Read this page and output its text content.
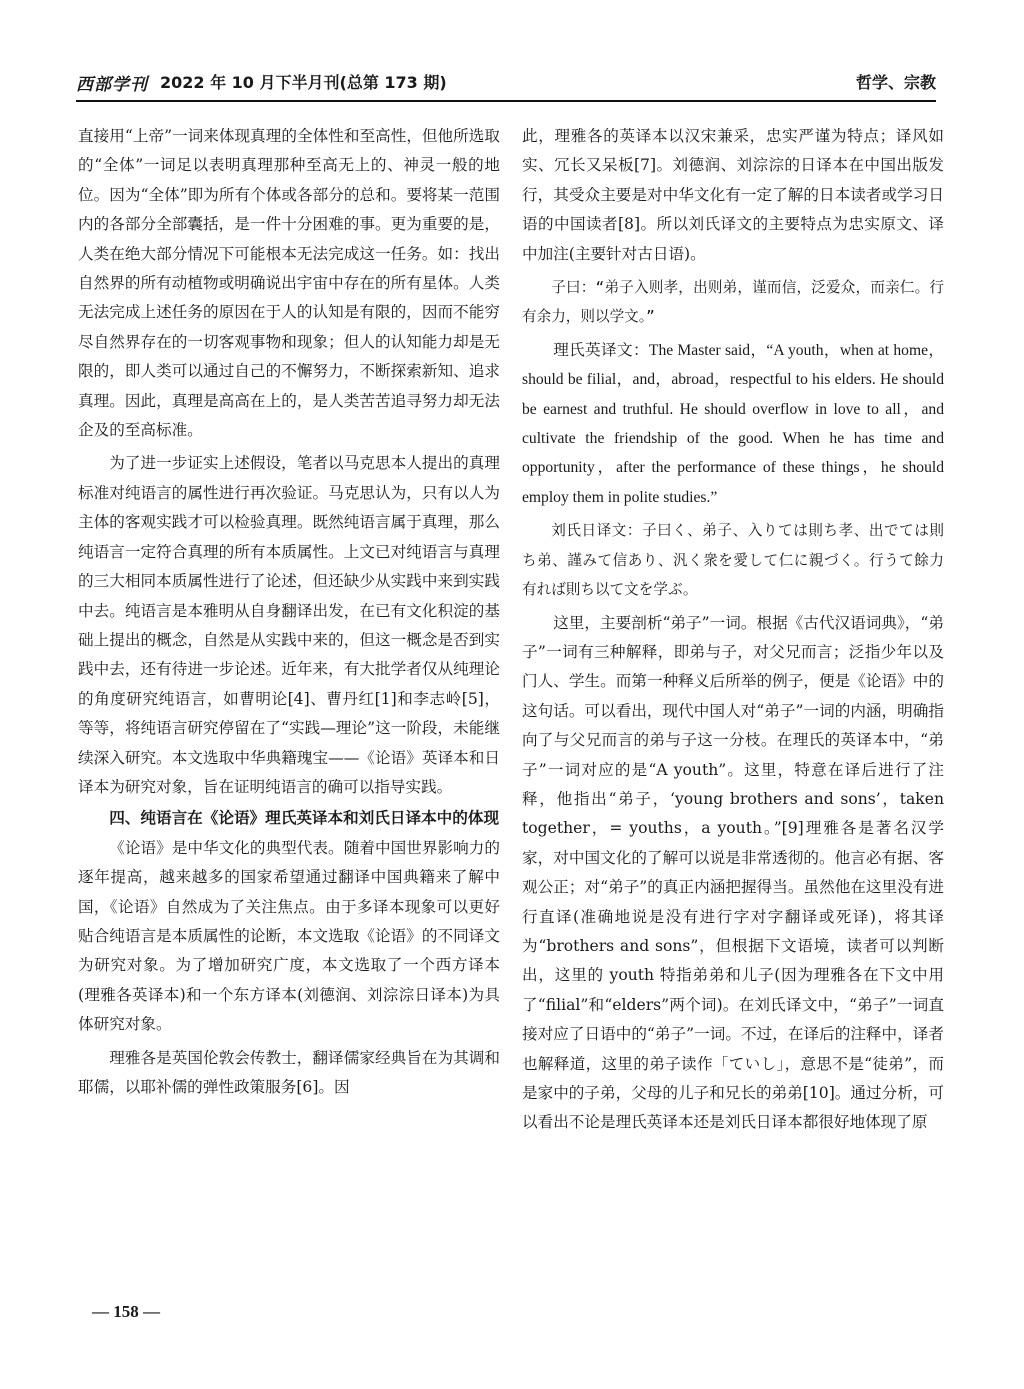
西部学刊 2022 年 10 月下半月刊(总第 173 期)	哲学、宗教

直接用“上帝”一词来体现真理的全体性和至高性，但他所选取的“全体”一词足以表明真理那种至高无上的、神灵一般的地位。因为“全体”即为所有个体或各部分的总和。要将某一范围内的各部分全部囊括，是一件十分困难的事。更为重要的是，人类在绝大部分情况下可能根本无法完成这一任务。如：找出自然界的所有动植物或明确说出宇宙中存在的所有星体。人类无法完成上述任务的原因在于人的认知是有限的，因而不能穷尽自然界存在的一切客观事物和现象；但人的认知能力却是无限的，即人类可以通过自己的不懈努力，不断探索新知、追求真理。因此，真理是高高在上的，是人类苦苦追寻努力却无法企及的至高标准。

为了进一步证实上述假设，笔者以马克思本人提出的真理标准对纯语言的属性进行再次验证。马克思认为，只有以人为主体的客观实践才可以检验真理。既然纯语言属于真理，那么纯语言一定符合真理的所有本质属性。上文已对纯语言与真理的三大相同本质属性进行了论述，但还缺少从实践中来到实践中去。纯语言是本雅明从自身翻译出发，在已有文化积淀的基础上提出的概念，自然是从实践中来的，但这一概念是否到实践中去，还有待进一步论述。近年来，有大批学者仅从纯理论的角度研究纯语言，如曹明论[4]、曹丹红[1]和李志岭[5]，等等，将纯语言研究停留在了“实践—理论”这一阶段，未能继续深入研究。本文选取中华典籍瑰宝——《论语》英译本和日译本为研究对象，旨在证明纯语言的确可以指导实践。

四、纯语言在《论语》理氏英译本和刘氏日译本中的体现

《论语》是中华文化的典型代表。随着中国世界影响力的逐年提高，越来越多的国家希望通过翻译中国典籍来了解中国，《论语》自然成为了关注焦点。由于多译本现象可以更好贴合纯语言是本质属性的论断，本文选取《论语》的不同译文为研究对象。为了增加研究广度，本文选取了一个西方译本(理雅各英译本)和一个东方译本(刘德润、刘淙淙日译本)为具体研究对象。

理雅各是英国伦敦会传教士，翻译儒家经典旨在为其调和耶儒，以耶补儒的弹性政策服务[6]。因

此，理雅各的英译本以汉宋兼采，忠实严谨为特点；译风如实、冗长又呆板[7]。刘德润、刘淙淙的日译本在中国出版发行，其受众主要是对中华文化有一定了解的日本读者或学习日语的中国读者[8]。所以刘氏译文的主要特点为忠实原文、译中加注(主要针对古日语)。

子曰：“弟子入则孝，出则弟，谨而信，泛爱众，而亲仁。行有余力，则以学文。”

理氏英译文：The Master said，“A youth，when at home，should be filial，and，abroad，respectful to his elders. He should be earnest and truthful. He should overflow in love to all，and cultivate the friendship of the good. When he has time and opportunity，after the performance of these things，he should employ them in polite studies.”

刘氏日译文：子曰く、弟子、入りては則ち孝、出でては則ち弟、謹みて信あり、汎く衆を愛して仁に親づく。行うて餘力有れば則ち以て文を学ぶ。

这里，主要剖析“弟子”一词。根据《古代汉语词典》，“弟子”一词有三种解释，即弟与子，对父兄而言；泛指少年以及门人、学生。而第一种释义后所举的例子，便是《论语》中的这句话。可以看出，现代中国人对“弟子”一词的内涵，明确指向了与父兄而言的弟与子这一分枝。在理氏的英译本中，“弟子”一词对应的是“A youth”。这里，特意在译后进行了注释，他指出“弟子，‘young brothers and sons’，taken together，= youths，a youth。”[9]理雅各是著名汉学家，对中国文化的了解可以说是非常透彻的。他言必有据、客观公正；对“弟子”的真正内涵把握得当。虽然他在这里没有进行直译(准确地说是没有进行字对字翻译或死译)，将其译为“brothers and sons”，但根据下文语境，读者可以判断出，这里的 youth 特指弟弟和儿子(因为理雅各在下文中用了“filial”和“elders”两个词)。在刘氏译文中，“弟子”一词直接对应了日语中的“弟子”一词。不过，在译后的注释中，译者也解释道，这里的弟子读作「ていし」，意思不是“徒弟”，而是家中的子弟，父母的儿子和兄长的弟弟[10]。通过分析，可以看出不论是理氏英译本还是刘氏日译本都很好地体现了原

— 158 —
